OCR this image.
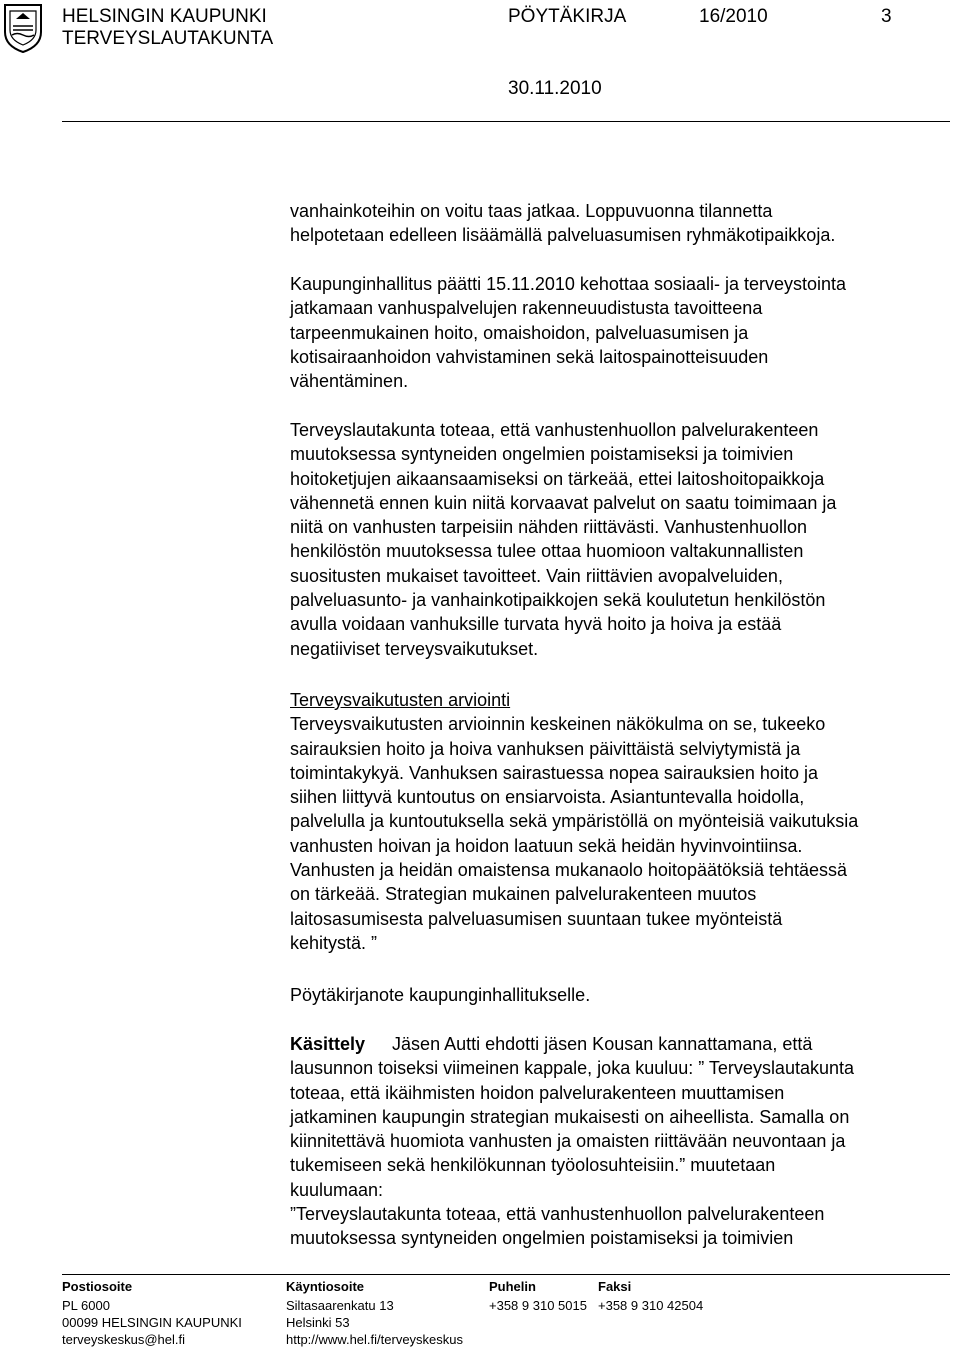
HELSINGIN KAUPUNKI
TERVEYSLAUTAKUNTA
PÖYTÄKIRJA	16/2010	3
30.11.2010
vanhainkoteihin on voitu taas jatkaa. Loppuvuonna tilannetta
helpotetaan edelleen lisäämällä palveluasumisen ryhmäkotipaikkoja.
Kaupunginhallitus päätti 15.11.2010 kehottaa sosiaali- ja terveystointa
jatkamaan vanhuspalvelujen rakenneuudistusta tavoitteena
tarpeenmukainen hoito, omaishoidon, palveluasumisen ja
kotisairaanhoidon vahvistaminen sekä laitospainotteisuuden
vähentäminen.
Terveyslautakunta toteaa, että vanhustenhuollon palvelurakenteen
muutoksessa syntyneiden ongelmien poistamiseksi ja toimivien
hoitoketjujen aikaansaamiseksi on tärkeää, ettei laitoshoitopaikkoja
vähennetä ennen kuin niitä korvaavat palvelut on saatu toimimaan ja
niitä on vanhusten tarpeisiin nähden riittävästi. Vanhustenhuollon
henkilöstön muutoksessa tulee ottaa huomioon valtakunnallisten
suositusten mukaiset tavoitteet. Vain riittävien avopalveluiden,
palveluasunto- ja vanhainkotipaikkojen sekä koulutetun henkilöstön
avulla voidaan vanhuksille turvata hyvä hoito ja hoiva ja estää
negatiiviset terveysvaikutukset.
Terveysvaikutusten arviointi
Terveysvaikutusten arvioinnin keskeinen näkökulma on se, tukeeko
sairauksien hoito ja hoiva vanhuksen päivittäistä selviytymistä ja
toimintakykyä. Vanhuksen sairastuessa nopea sairauksien hoito ja
siihen liittyvä kuntoutus on ensiarvoista. Asiantuntevalla hoidolla,
palvelulla ja kuntoutuksella sekä ympäristöllä on myönteisiä vaikutuksia
vanhusten hoivan ja hoidon laatuun sekä heidän hyvinvointiinsa.
Vanhusten ja heidän omaistensa mukanaolo hoitopäätöksiä tehtäessä
on tärkeää. Strategian mukainen palvelurakenteen muutos
laitosasumisesta palveluasumisen suuntaan tukee myönteistä
kehitystä. ”
Pöytäkirjanote kaupunginhallitukselle.
Käsittely Jäsen Autti ehdotti jäsen Kousan kannattamana, että
lausunnon toiseksi viimeinen kappale, joka kuuluu: ” Terveyslautakunta
toteaa, että ikäihmisten hoidon palvelurakenteen muuttamisen
jatkaminen kaupungin strategian mukaisesti on aiheellista. Samalla on
kiinnitettävä huomiota vanhusten ja omaisten riittävään neuvontaan ja
tukemiseen sekä henkilökunnan työolosuhteisiin.” muutetaan
kuulumaan:
”Terveyslautakunta toteaa, että vanhustenhuollon palvelurakenteen
muutoksessa syntyneiden ongelmien poistamiseksi ja toimivien
Postiosoite
PL 6000
00099 HELSINGIN KAUPUNKI
terveyskeskus@hel.fi
Käyntiosoite
Siltasaarenkatu 13
Helsinki 53
http://www.hel.fi/terveyskeskus
Puhelin
+358 9 310 5015
Faksi
+358 9 310 42504
